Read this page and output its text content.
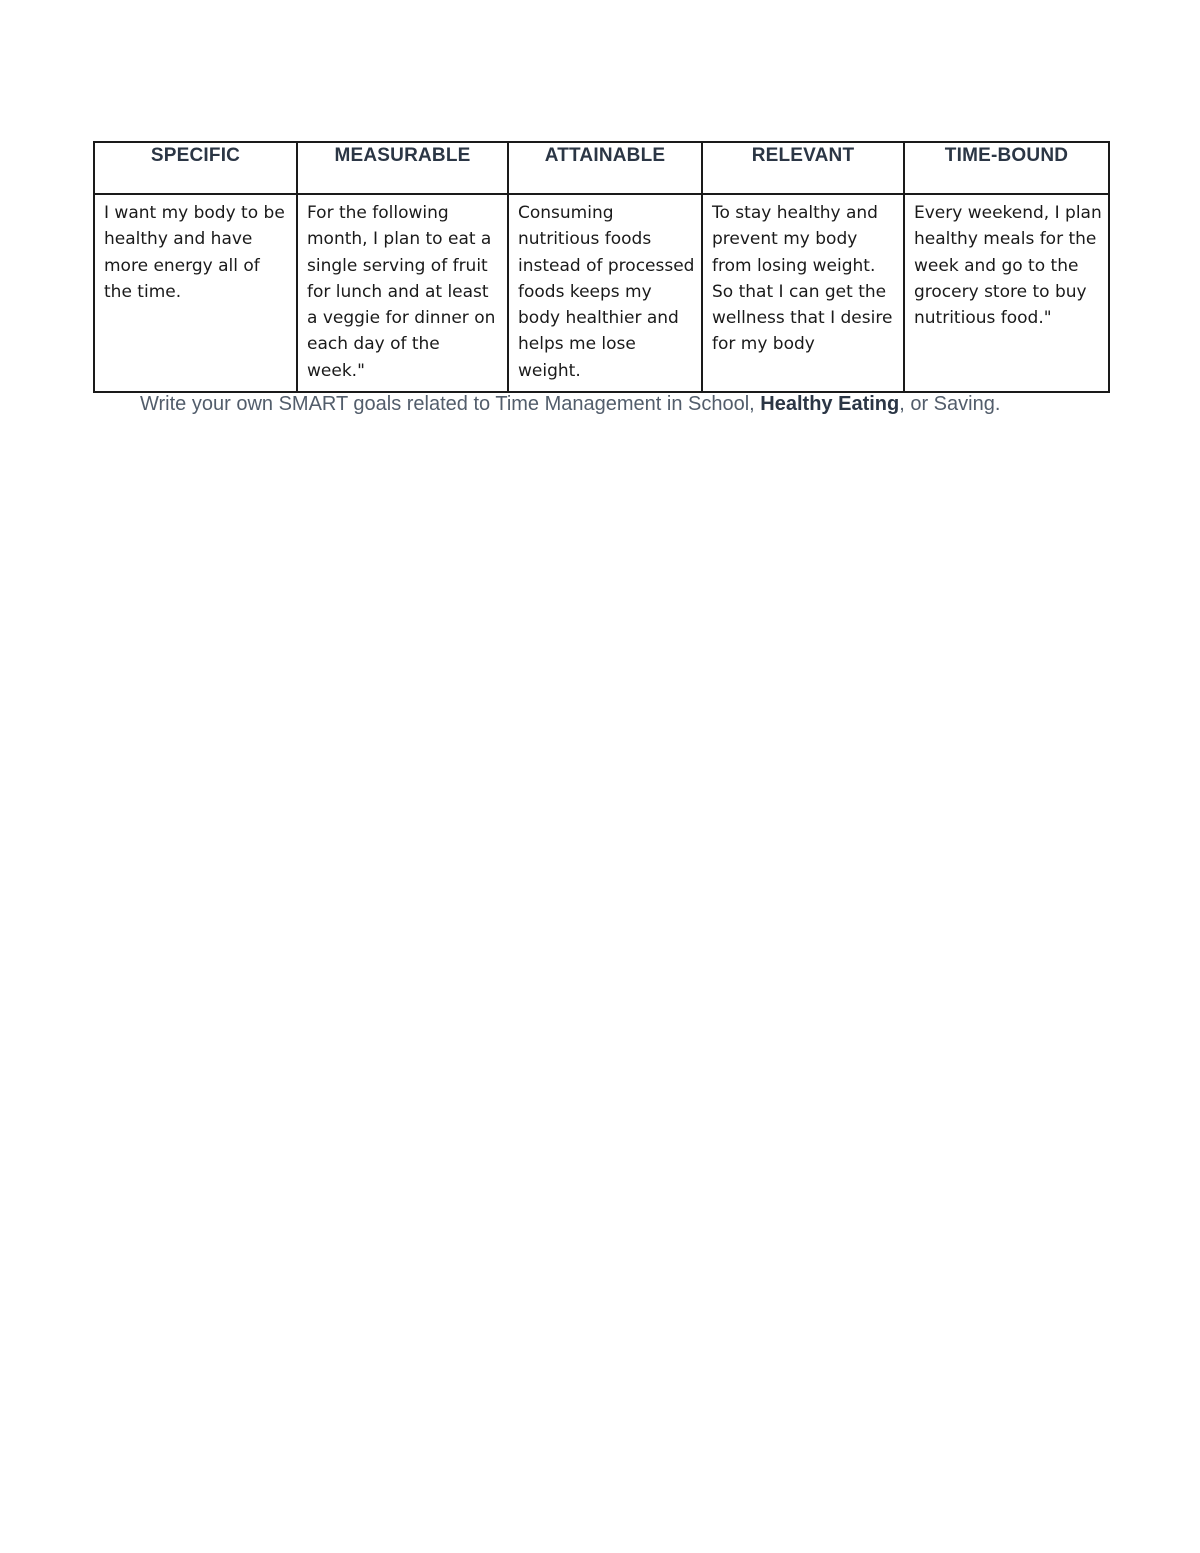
SPECIFIC	MEASURABLE	ATTAINABLE	RELEVANT	TIME-BOUND
I want my body to be healthy and have more energy all of the time.	For the following month, I plan to eat a single serving of fruit for lunch and at least a veggie for dinner on each day of the week."	Consuming nutritious foods instead of processed foods keeps my body healthier and helps me lose weight.	To stay healthy and prevent my body from losing weight. So that I can get the wellness that I desire for my body	Every weekend, I plan healthy meals for the week and go to the grocery store to buy nutritious food."
Write your own SMART goals related to Time Management in School, Healthy Eating, or Saving.
